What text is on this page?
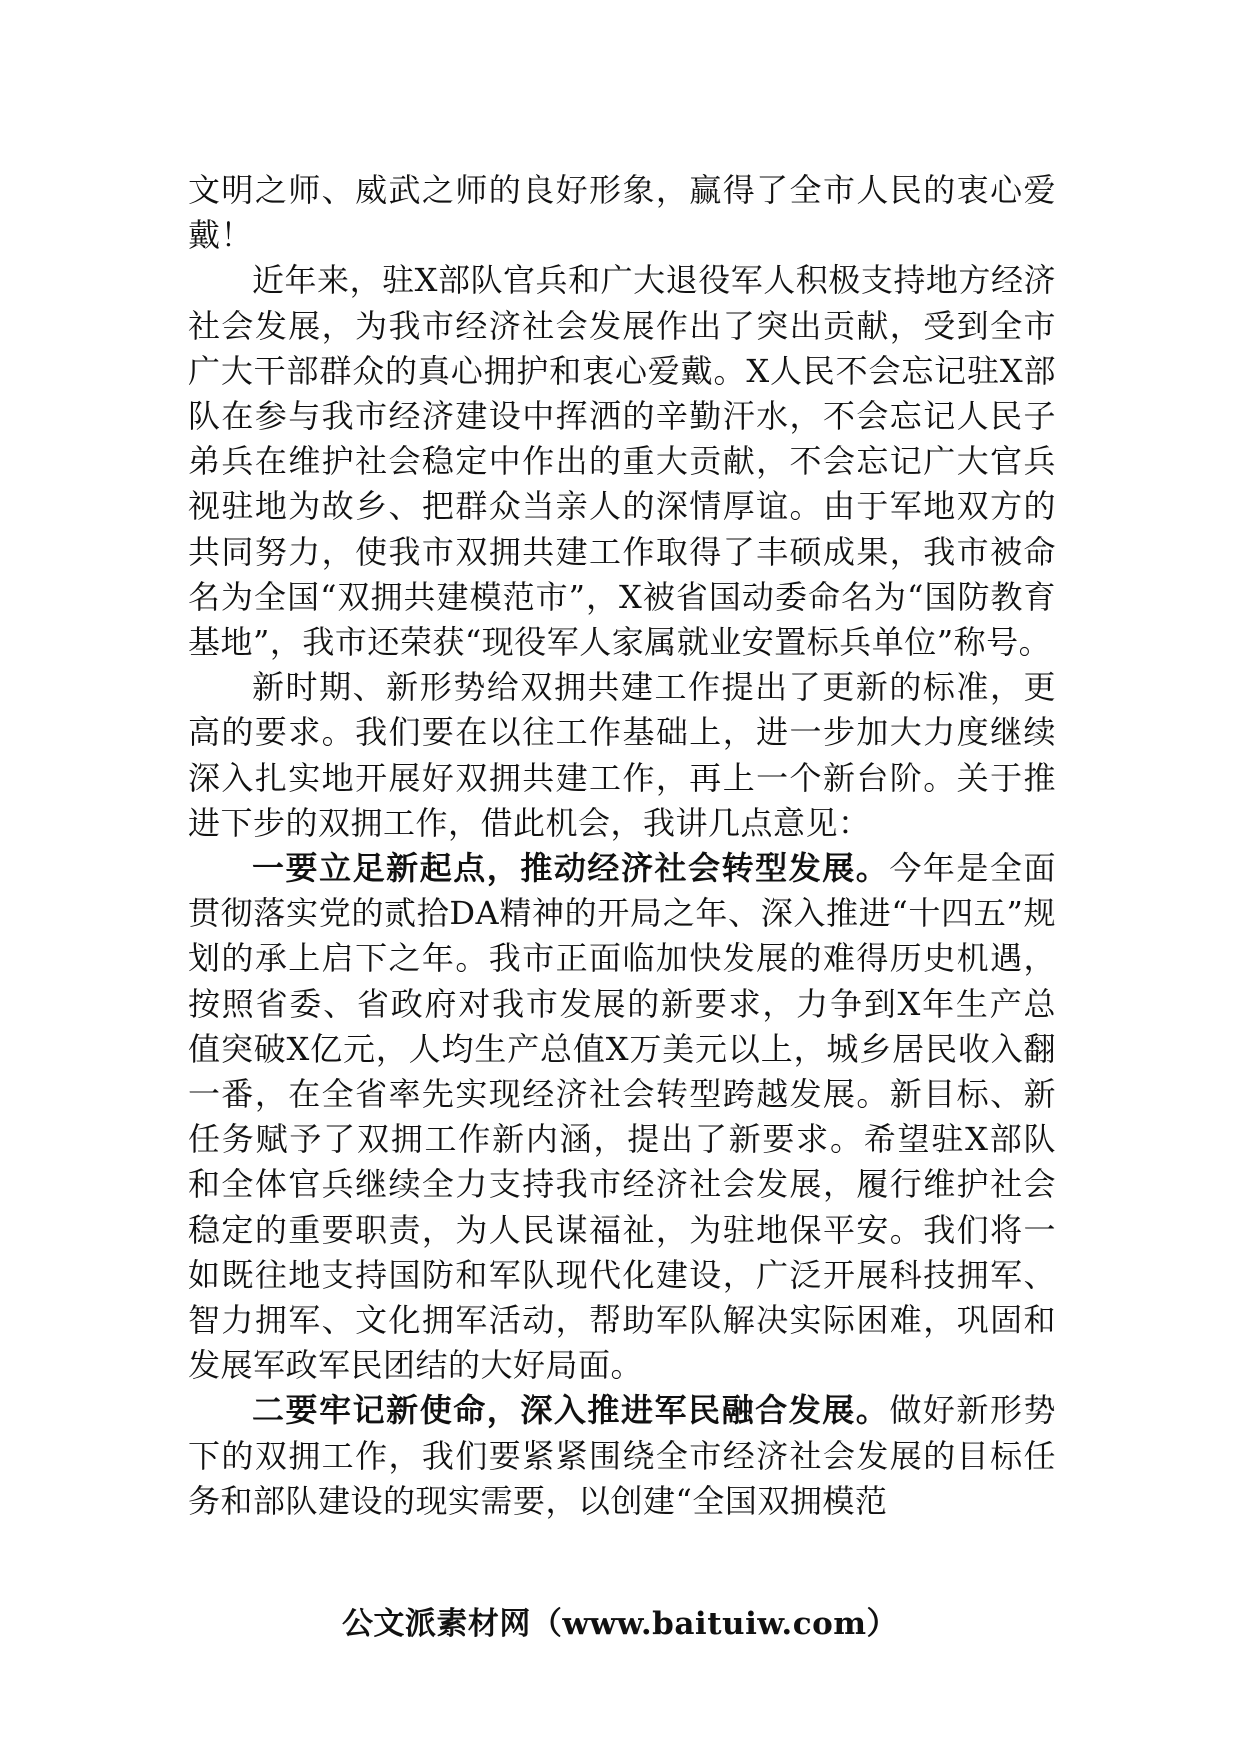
文明之师、威武之师的良好形象，赢得了全市人民的衷心爱戴！

近年来，驻X部队官兵和广大退役军人积极支持地方经济社会发展，为我市经济社会发展作出了突出贡献，受到全市广大干部群众的真心拥护和衷心爱戴。X人民不会忘记驻X部队在参与我市经济建设中挥洒的辛勤汗水，不会忘记人民子弟兵在维护社会稳定中作出的重大贡献，不会忘记广大官兵视驻地为故乡、把群众当亲人的深情厚谊。由于军地双方的共同努力，使我市双拥共建工作取得了丰硕成果，我市被命名为全国“双拥共建模范市”，X被省国动委命名为“国防教育基地”，我市还荣获“现役军人家属就业安置标兵单位”称号。

新时期、新形势给双拥共建工作提出了更新的标准，更高的要求。我们要在以往工作基础上，进一步加大力度继续深入扎实地开展好双拥共建工作，再上一个新台阶。关于推进下步的双拥工作，借此机会，我讲几点意见：

一要立足新起点，推动经济社会转型发展。今年是全面贯彻落实党的贰拾DA精神的开局之年、深入推进“十四五”规划的承上启下之年。我市正面临加快发展的难得历史机遇，按照省委、省政府对我市发展的新要求，力争到X年生产总值突破X亿元，人均生产总值X万美元以上，城乡居民收入翻一番，在全省率先实现经济社会转型跨越发展。新目标、新任务赋予了双拥工作新内涵，提出了新要求。希望驻X部队和全体官兵继续全力支持我市经济社会发展，履行维护社会稳定的重要职责，为人民谋福祉，为驻地保平安。我们将一如既往地支持国防和军队现代化建设，广泛开展科技拥军、智力拥军、文化拥军活动，帮助军队解决实际困难，巩固和发展军政军民团结的大好局面。

二要牢记新使命，深入推进军民融合发展。做好新形势下的双拥工作，我们要紧紧围绕全市经济社会发展的目标任务和部队建设的现实需要，以创建“全国双拥模范

公文派素材网（www.baituiw.com）
